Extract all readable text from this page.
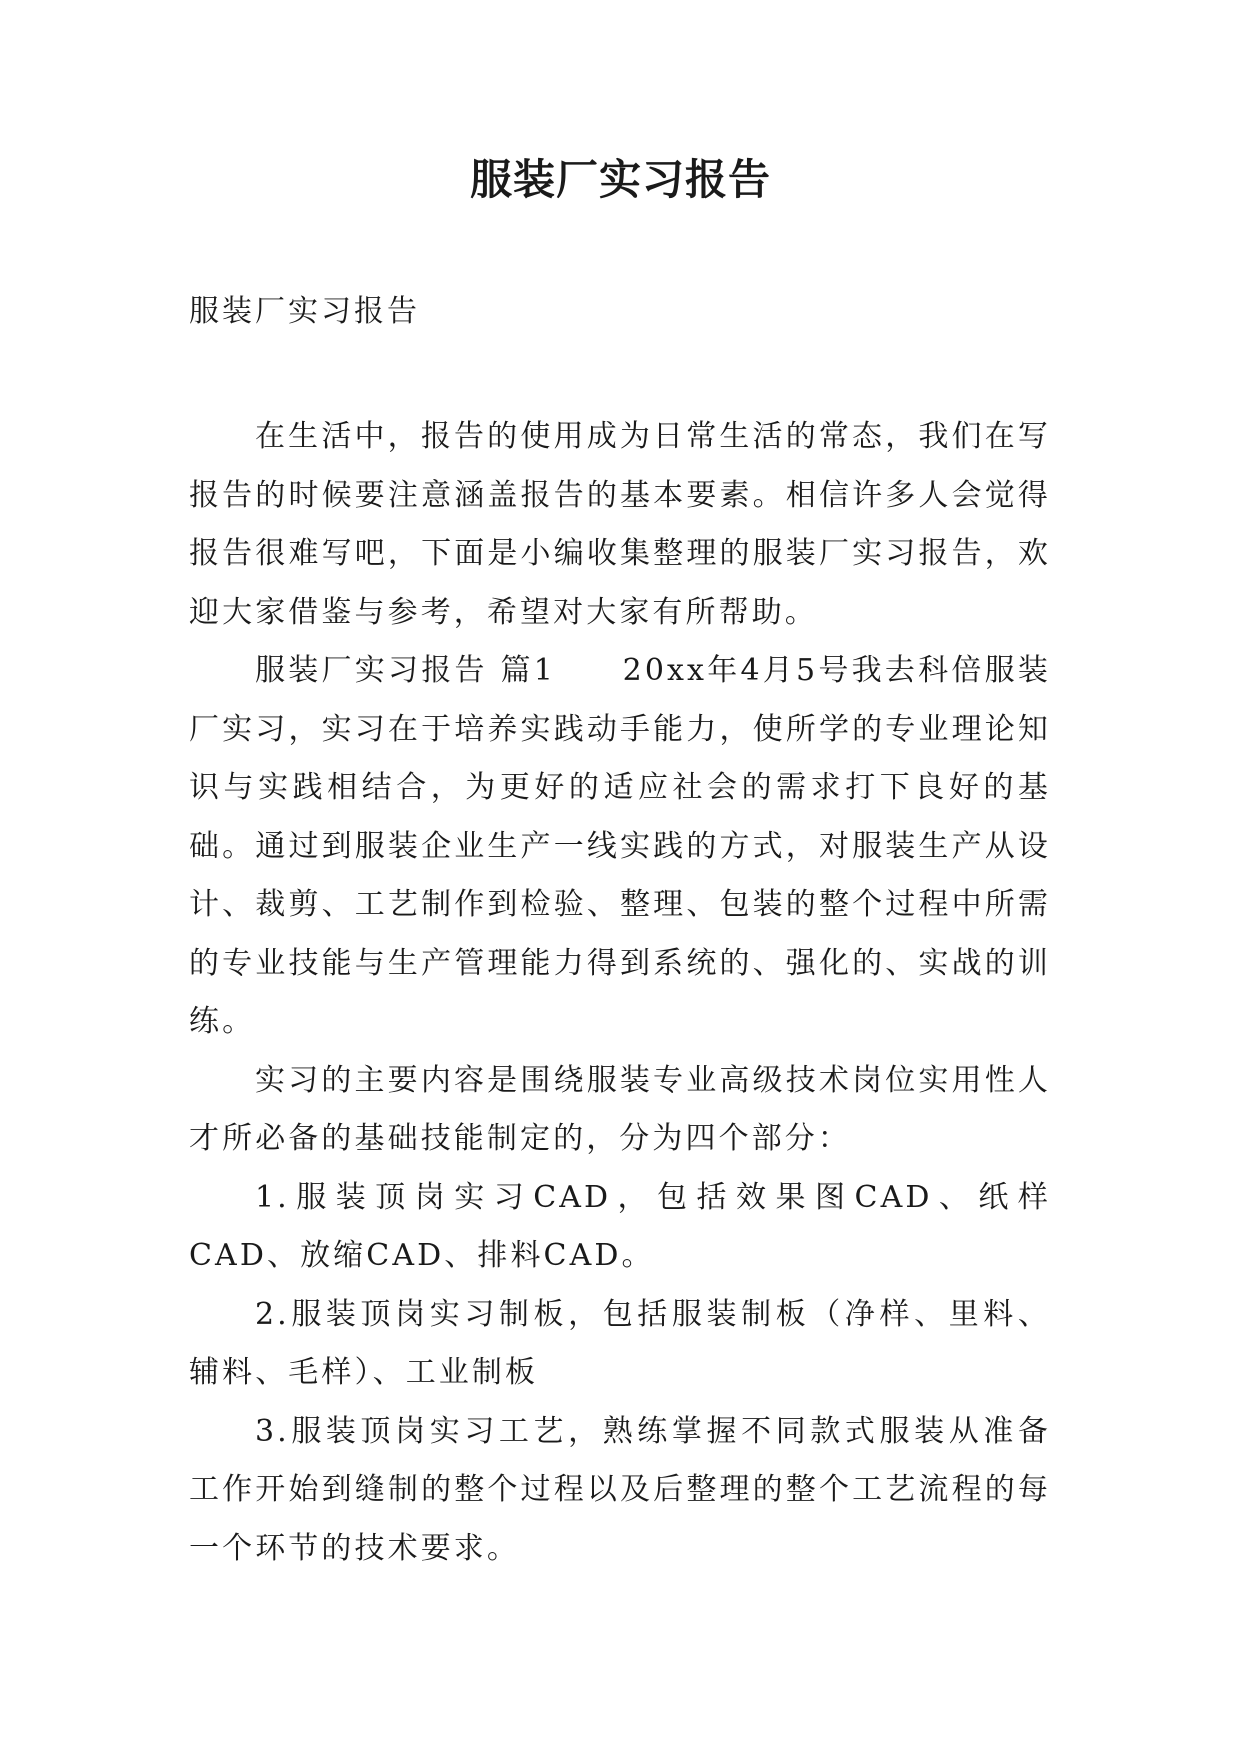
服装厂实习报告

服装厂实习报告

在生活中，报告的使用成为日常生活的常态，我们在写报告的时候要注意涵盖报告的基本要素。相信许多人会觉得报告很难写吧，下面是小编收集整理的服装厂实习报告，欢迎大家借鉴与参考，希望对大家有所帮助。

服装厂实习报告 篇1　　20xx年4月5号我去科倍服装厂实习，实习在于培养实践动手能力，使所学的专业理论知识与实践相结合，为更好的适应社会的需求打下良好的基础。通过到服装企业生产一线实践的方式，对服装生产从设计、裁剪、工艺制作到检验、整理、包装的整个过程中所需的专业技能与生产管理能力得到系统的、强化的、实战的训练。

实习的主要内容是围绕服装专业高级技术岗位实用性人才所必备的基础技能制定的，分为四个部分：

1.服装顶岗实习CAD，包括效果图CAD、纸样CAD、放缩CAD、排料CAD。

2.服装顶岗实习制板，包括服装制板（净样、里料、辅料、毛样）、工业制板

3.服装顶岗实习工艺，熟练掌握不同款式服装从准备工作开始到缝制的整个过程以及后整理的整个工艺流程的每一个环节的技术要求。
